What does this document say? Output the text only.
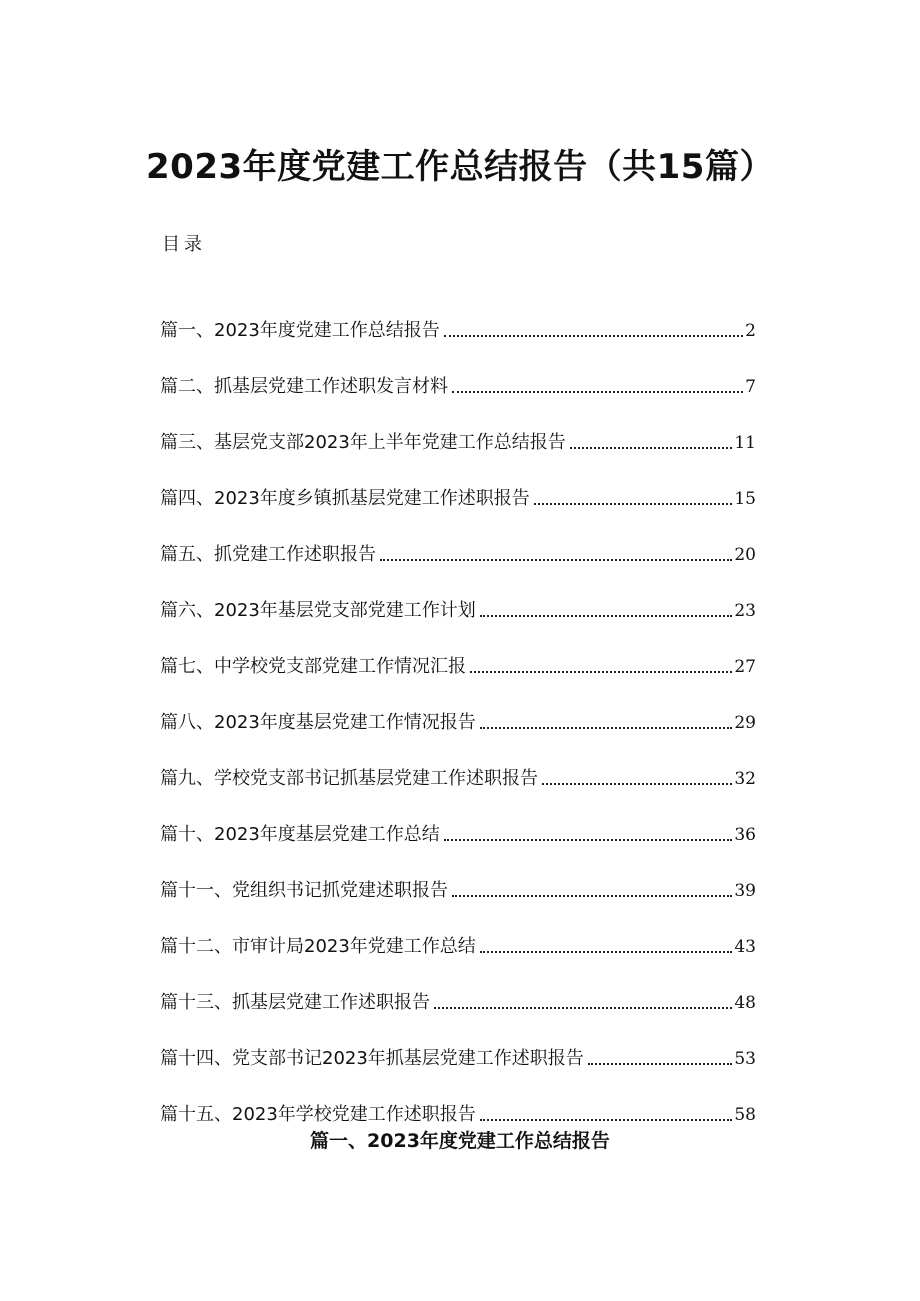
2023年度党建工作总结报告（共15篇）
目录
篇一、2023年度党建工作总结报告	2
篇二、抓基层党建工作述职发言材料	7
篇三、基层党支部2023年上半年党建工作总结报告	11
篇四、2023年度乡镇抓基层党建工作述职报告	15
篇五、抓党建工作述职报告	20
篇六、2023年基层党支部党建工作计划	23
篇七、中学校党支部党建工作情况汇报	27
篇八、2023年度基层党建工作情况报告	29
篇九、学校党支部书记抓基层党建工作述职报告	32
篇十、2023年度基层党建工作总结	36
篇十一、党组织书记抓党建述职报告	39
篇十二、市审计局2023年党建工作总结	43
篇十三、抓基层党建工作述职报告	48
篇十四、党支部书记2023年抓基层党建工作述职报告	53
篇十五、2023年学校党建工作述职报告	58
篇一、2023年度党建工作总结报告
